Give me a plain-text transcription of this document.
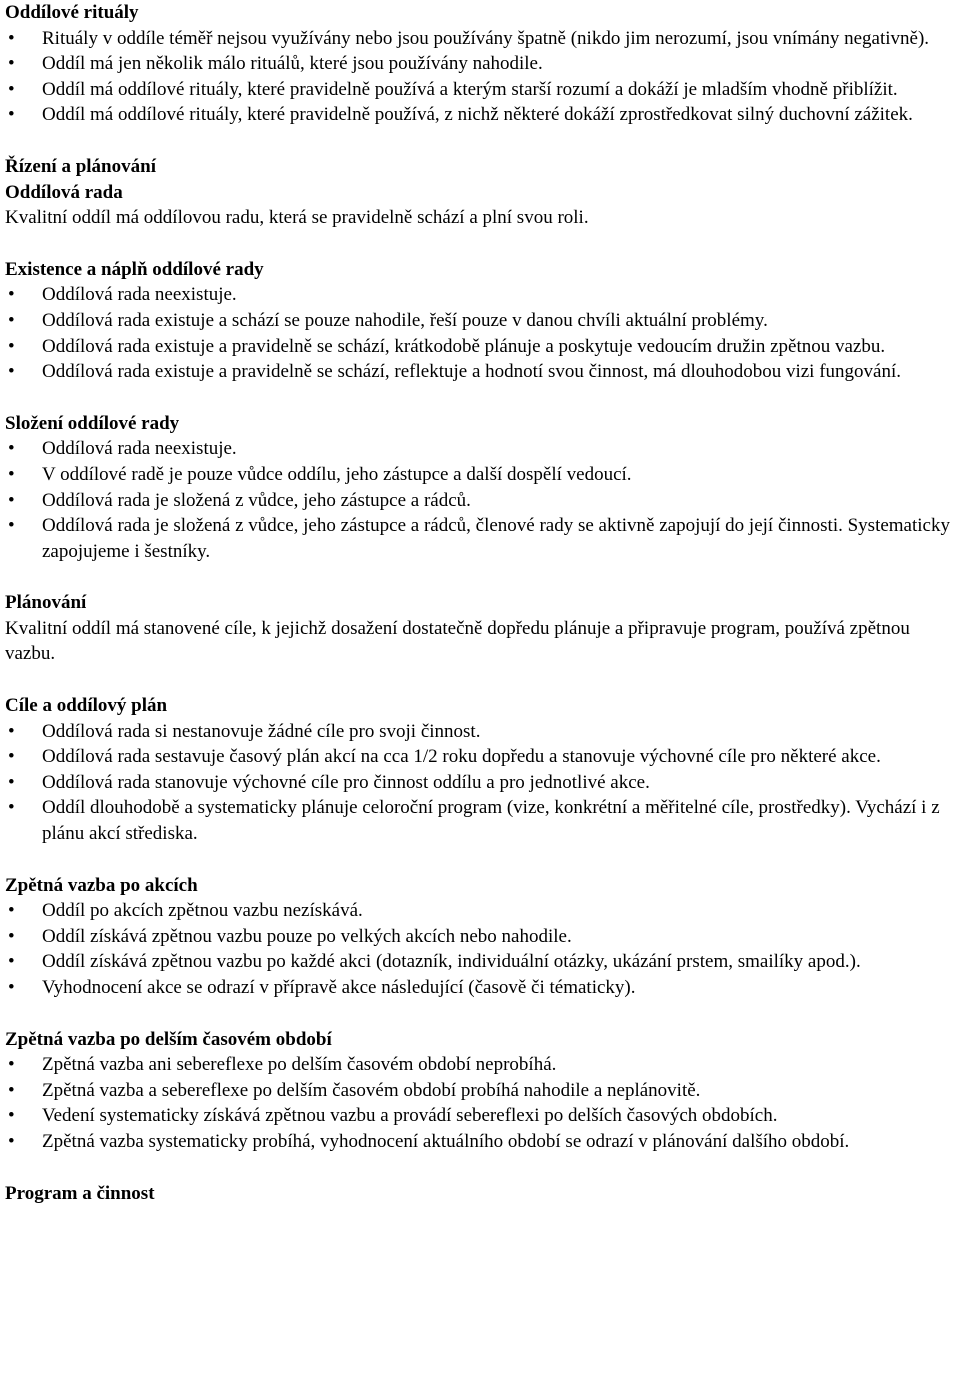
Oddílové rituály
• Rituály v oddíle téměř nejsou využívány nebo jsou používány špatně (nikdo jim nerozumí, jsou vnímány negativně).
• Oddíl má jen několik málo rituálů, které jsou používány nahodile.
• Oddíl má oddílové rituály, které pravidelně používá a kterým starší rozumí a dokáží je mladším vhodně přiblížit.
• Oddíl má oddílové rituály, které pravidelně používá, z nichž některé dokáží zprostředkovat silný duchovní zážitek.
Řízení a plánování
Oddílová rada

Kvalitní oddíl má oddílovou radu, která se pravidelně schází a plní svou roli.

Existence a náplň oddílové rady
• Oddílová rada neexistuje.
• Oddílová rada existuje a schází se pouze nahodile, řeší pouze v danou chvíli aktuální problémy.
• Oddílová rada existuje a pravidelně se schází, krátkodobě plánuje a poskytuje vedoucím družin zpětnou vazbu.
• Oddílová rada existuje a pravidelně se schází, reflektuje a hodnotí svou činnost, má dlouhodobou vizi fungování.
Složení oddílové rady
• Oddílová rada neexistuje.
• V oddílové radě je pouze vůdce oddílu, jeho zástupce a další dospělí vedoucí.
• Oddílová rada je složená z vůdce, jeho zástupce a rádců.
• Oddílová rada je složená z vůdce, jeho zástupce a rádců, členové rady se aktivně zapojují do její činnosti. Systematicky zapojujeme i šestníky.
Plánování

Kvalitní oddíl má stanovené cíle, k jejichž dosažení dostatečně dopředu plánuje a připravuje program, používá zpětnou vazbu.

Cíle a oddílový plán
• Oddílová rada si nestanovuje žádné cíle pro svoji činnost.
• Oddílová rada sestavuje časový plán akcí na cca 1/2 roku dopředu a stanovuje výchovné cíle pro některé akce.
• Oddílová rada stanovuje výchovné cíle pro činnost oddílu a pro jednotlivé akce.
• Oddíl dlouhodobě a systematicky plánuje celoroční program (vize, konkrétní a měřitelné cíle, prostředky). Vychází i z plánu akcí střediska.
Zpětná vazba po akcích
• Oddíl po akcích zpětnou vazbu nezískává.
• Oddíl získává zpětnou vazbu pouze po velkých akcích nebo nahodile.
• Oddíl získává zpětnou vazbu po každé akci (dotazník, individuální otázky, ukázání prstem, smailíky apod.).
• Vyhodnocení akce se odrazí v přípravě akce následující (časově či tématicky).
Zpětná vazba po delším časovém období
• Zpětná vazba ani sebereflexe po delším časovém období neprobíhá.
• Zpětná vazba a sebereflexe po delším časovém období probíhá nahodile a neplánovitě.
• Vedení systematicky získává zpětnou vazbu a provádí sebereflexi po delších časových obdobích.
• Zpětná vazba systematicky probíhá, vyhodnocení aktuálního období se odrazí v plánování dalšího období.
Program a činnost
